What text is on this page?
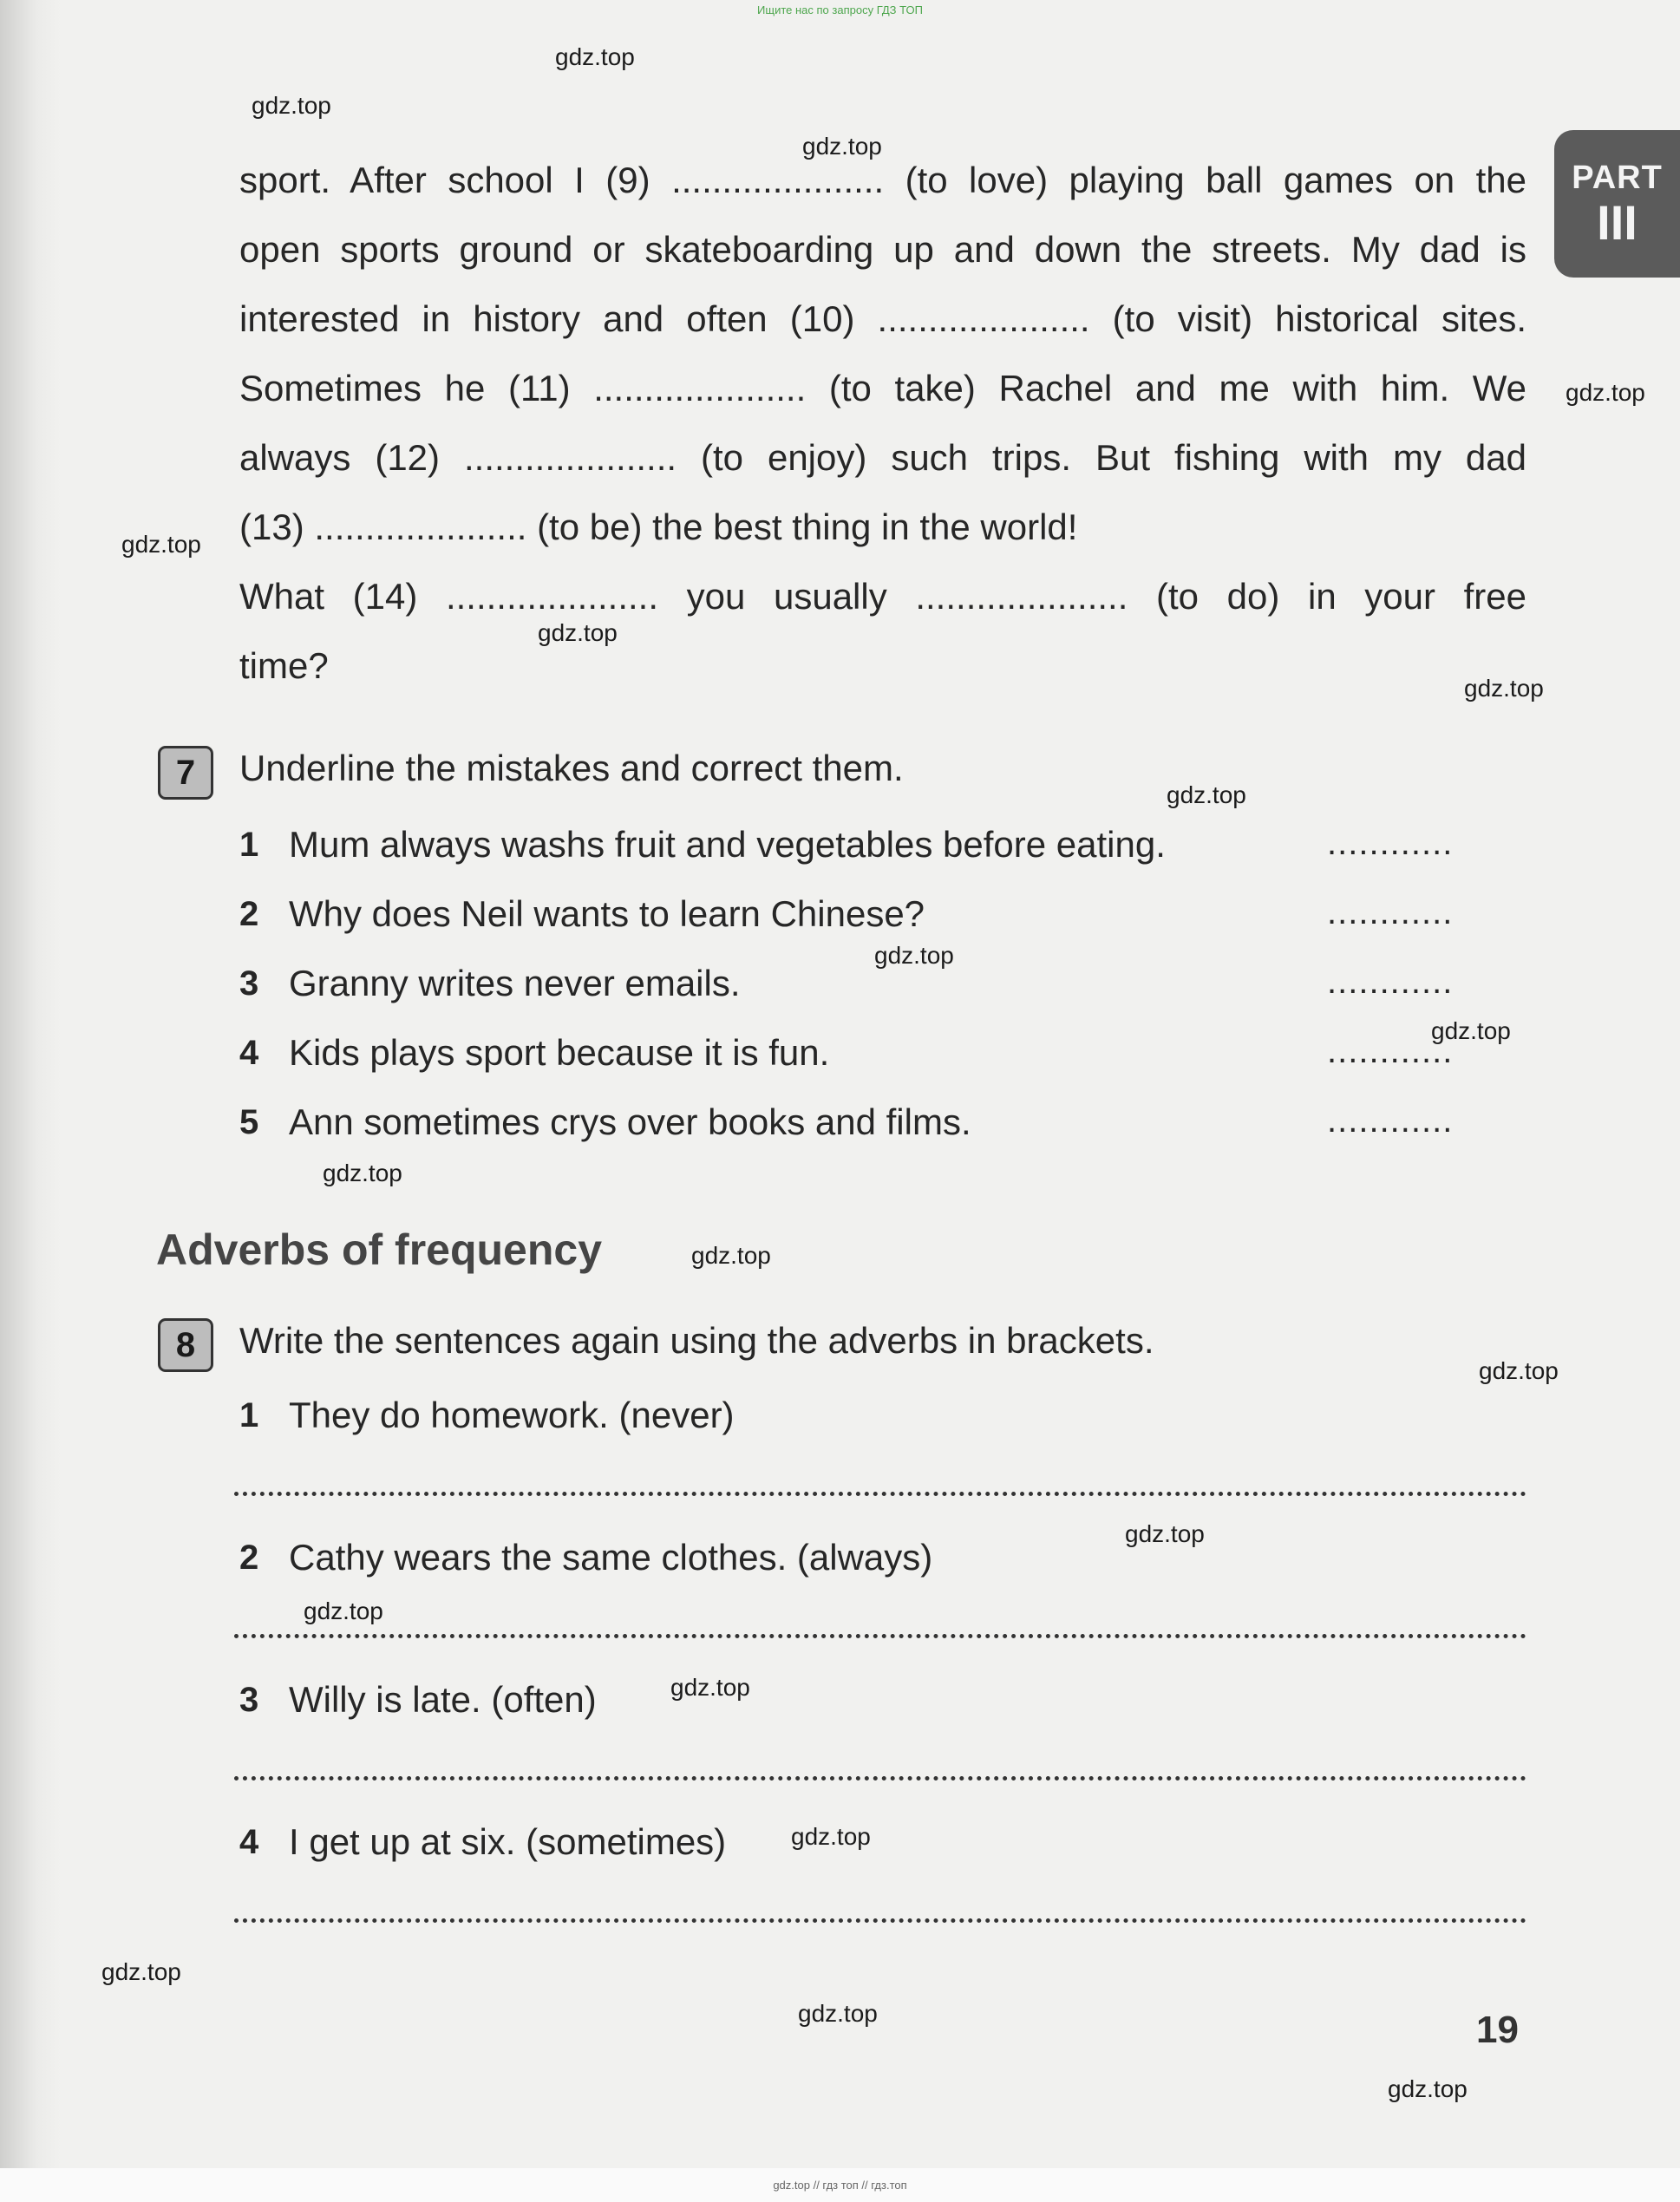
Ищите нас по запросу ГДЗ ТОП
PART
III
gdz.top
gdz.top
gdz.top
gdz.top
gdz.top
gdz.top
gdz.top
gdz.top
gdz.top
gdz.top
gdz.top
gdz.top
gdz.top
gdz.top
gdz.top
gdz.top
gdz.top
gdz.top
gdz.top
gdz.top
sport. After school I (9) ..................... (to love) playing ball games on the
open sports ground or skateboarding up and down the streets. My dad is
interested in history and often (10) ..................... (to visit) historical sites.
Sometimes he (11) ..................... (to take) Rachel and me with him. We
always (12) ..................... (to enjoy) such trips. But fishing with my dad
(13) ..................... (to be) the best thing in the world!
What (14) ..................... you usually ..................... (to do) in your free
time?
7	Underline the mistakes and correct them.
1 Mum always washs fruit and vegetables before eating.	............
2 Why does Neil wants to learn Chinese?	............
3 Granny writes never emails.	............
4 Kids plays sport because it is fun.	............
5 Ann sometimes crys over books and films.	............
Adverbs of frequency
8	Write the sentences again using the adverbs in brackets.
1 They do homework. (never)
2 Cathy wears the same clothes. (always)
3 Willy is late. (often)
4 I get up at six. (sometimes)
19
gdz.top // гдз топ // гдз.топ
